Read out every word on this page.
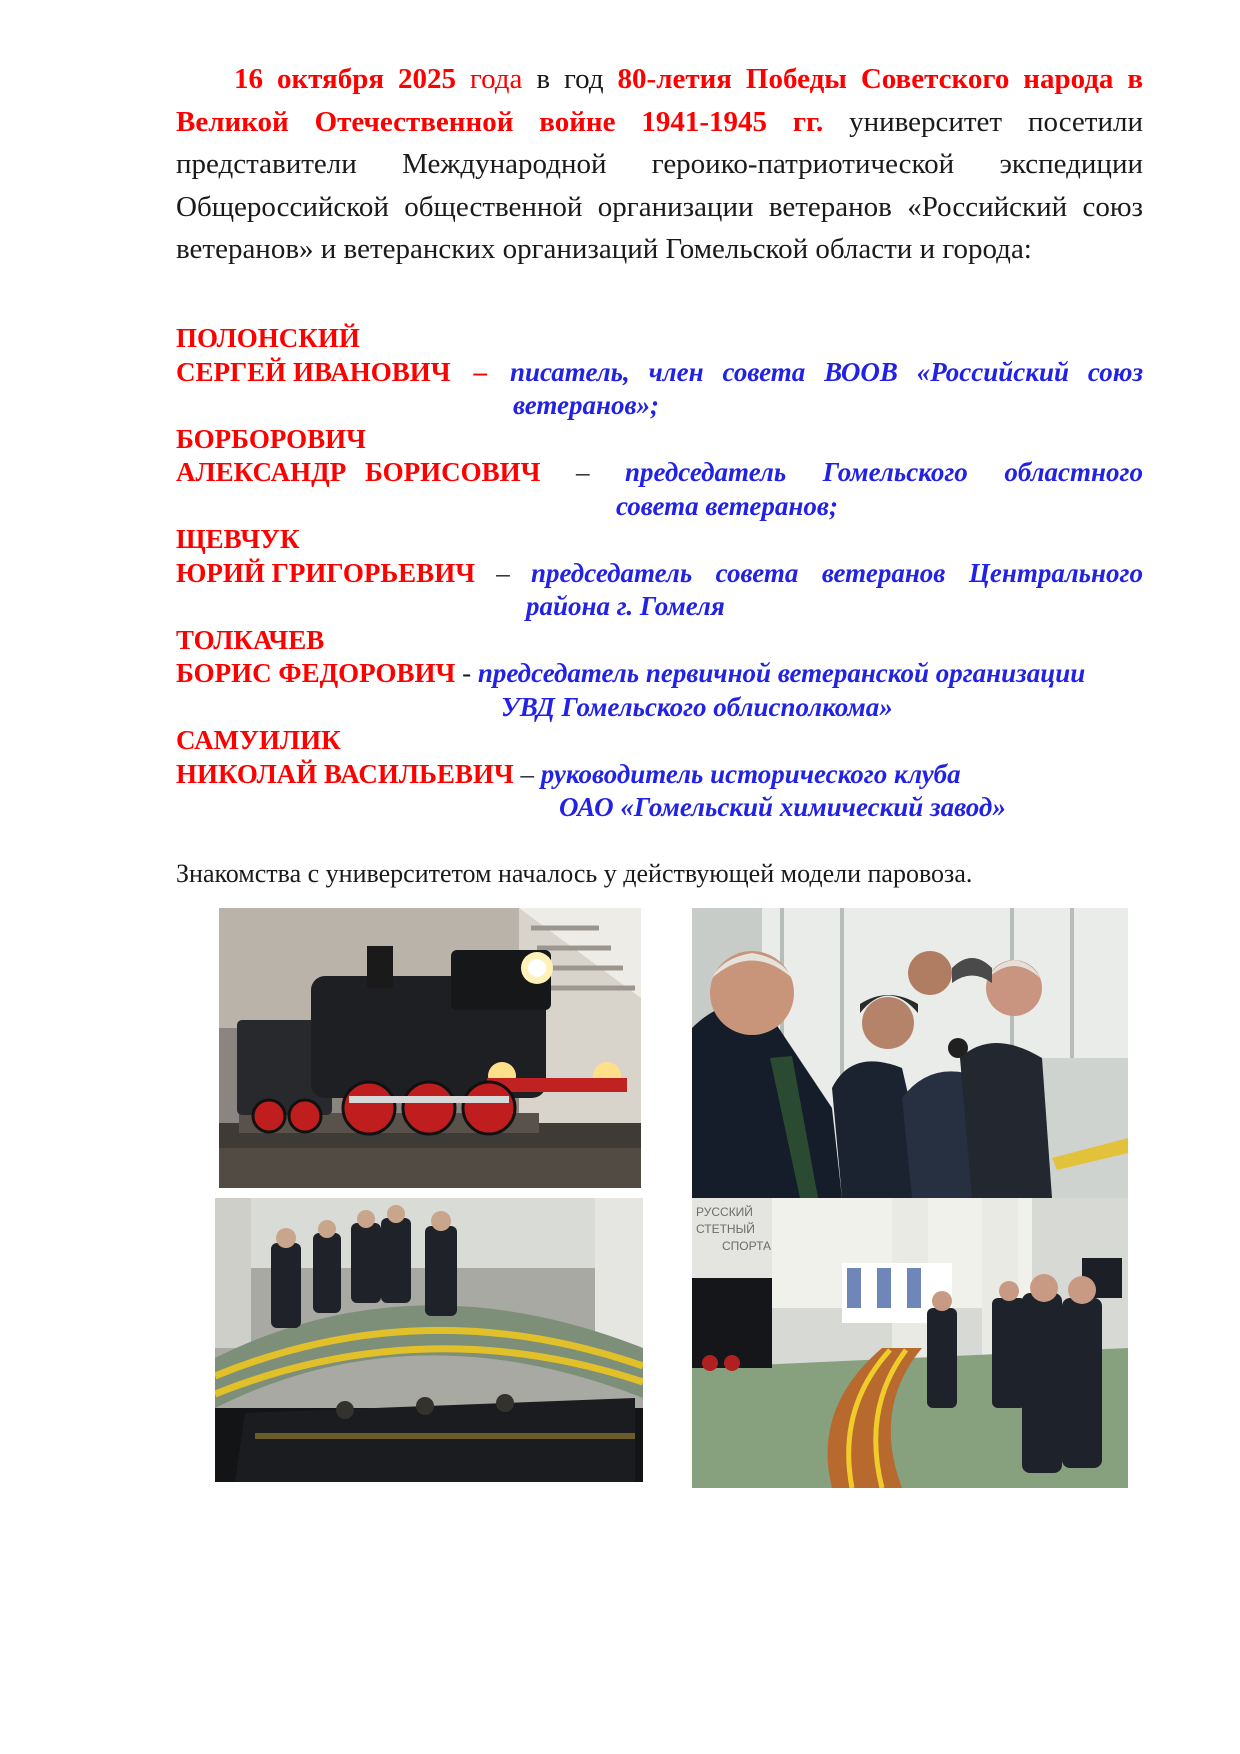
16 октября 2025 года в год 80-летия Победы Советского народа в Великой Отечественной войне 1941-1945 гг. университет посетили представители Международной героико-патриотической экспедиции Общероссийской общественной организации ветеранов «Российский союз ветеранов» и ветеранских организаций Гомельской области и города:
ПОЛОНСКИЙ
СЕРГЕЙ ИВАНОВИЧ – писатель, член совета ВООВ «Российский союз
ветеранов»;
БОРБОРОВИЧ
АЛЕКСАНДР БОРИСОВИЧ – председатель Гомельского областного
совета ветеранов;
ЩЕВЧУК
ЮРИЙ ГРИГОРЬЕВИЧ – председатель совета ветеранов Центрального
района г. Гомеля
ТОЛКАЧЕВ
БОРИС ФЕДОРОВИЧ - председатель первичной ветеранской организации
УВД Гомельского облисполкома»
САМУИЛИК
НИКОЛАЙ ВАСИЛЬЕВИЧ – руководитель исторического клуба
ОАО «Гомельский химический завод»
Знакомства с университетом началось у действующей модели паровоза.
РУССКИЙ
СТЕТНЫЙ
СПОРТА
